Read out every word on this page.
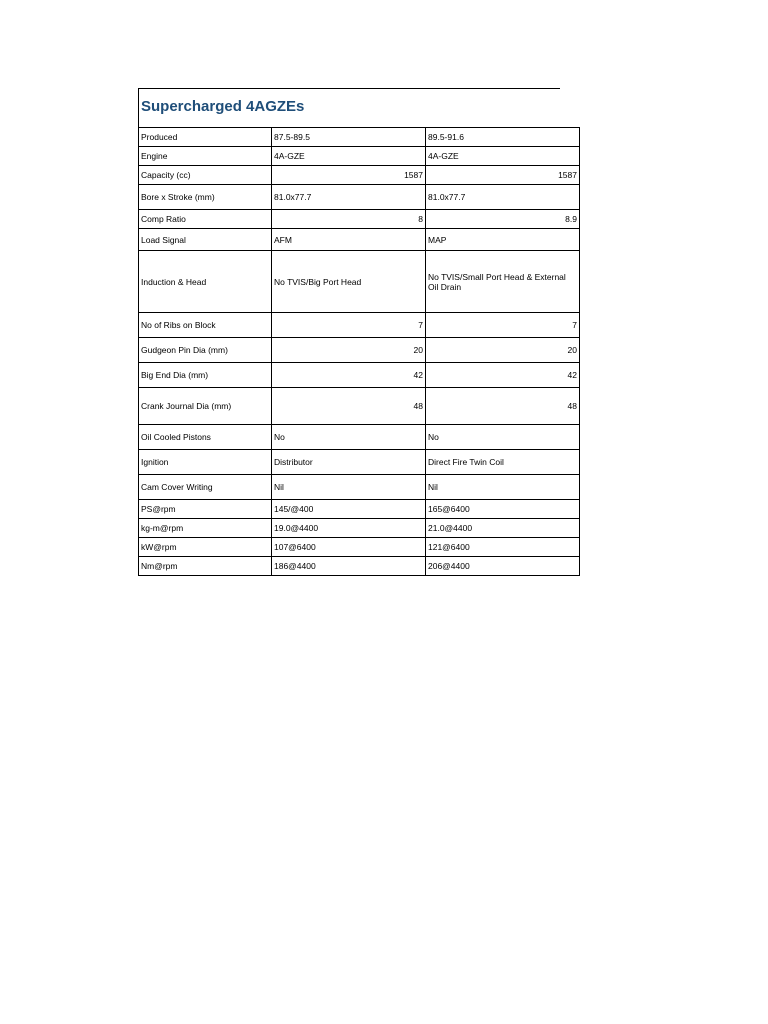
Supercharged 4AGZEs
Produced	87.5-89.5	89.5-91.6
Engine	4A-GZE	4A-GZE
Capacity (cc)	1587	1587
Bore x Stroke (mm)	81.0x77.7	81.0x77.7
Comp Ratio	8	8.9
Load Signal	AFM	MAP
Induction & Head	No TVIS/Big Port Head	No TVIS/Small Port Head & External Oil Drain
No of Ribs on Block	7	7
Gudgeon Pin Dia (mm)	20	20
Big End Dia (mm)	42	42
Crank Journal Dia (mm)	48	48
Oil Cooled Pistons	No	No
Ignition	Distributor	Direct Fire Twin Coil
Cam Cover Writing	Nil	Nil
PS@rpm	145/@400	165@6400
kg-m@rpm	19.0@4400	21.0@4400
kW@rpm	107@6400	121@6400
Nm@rpm	186@4400	206@4400
